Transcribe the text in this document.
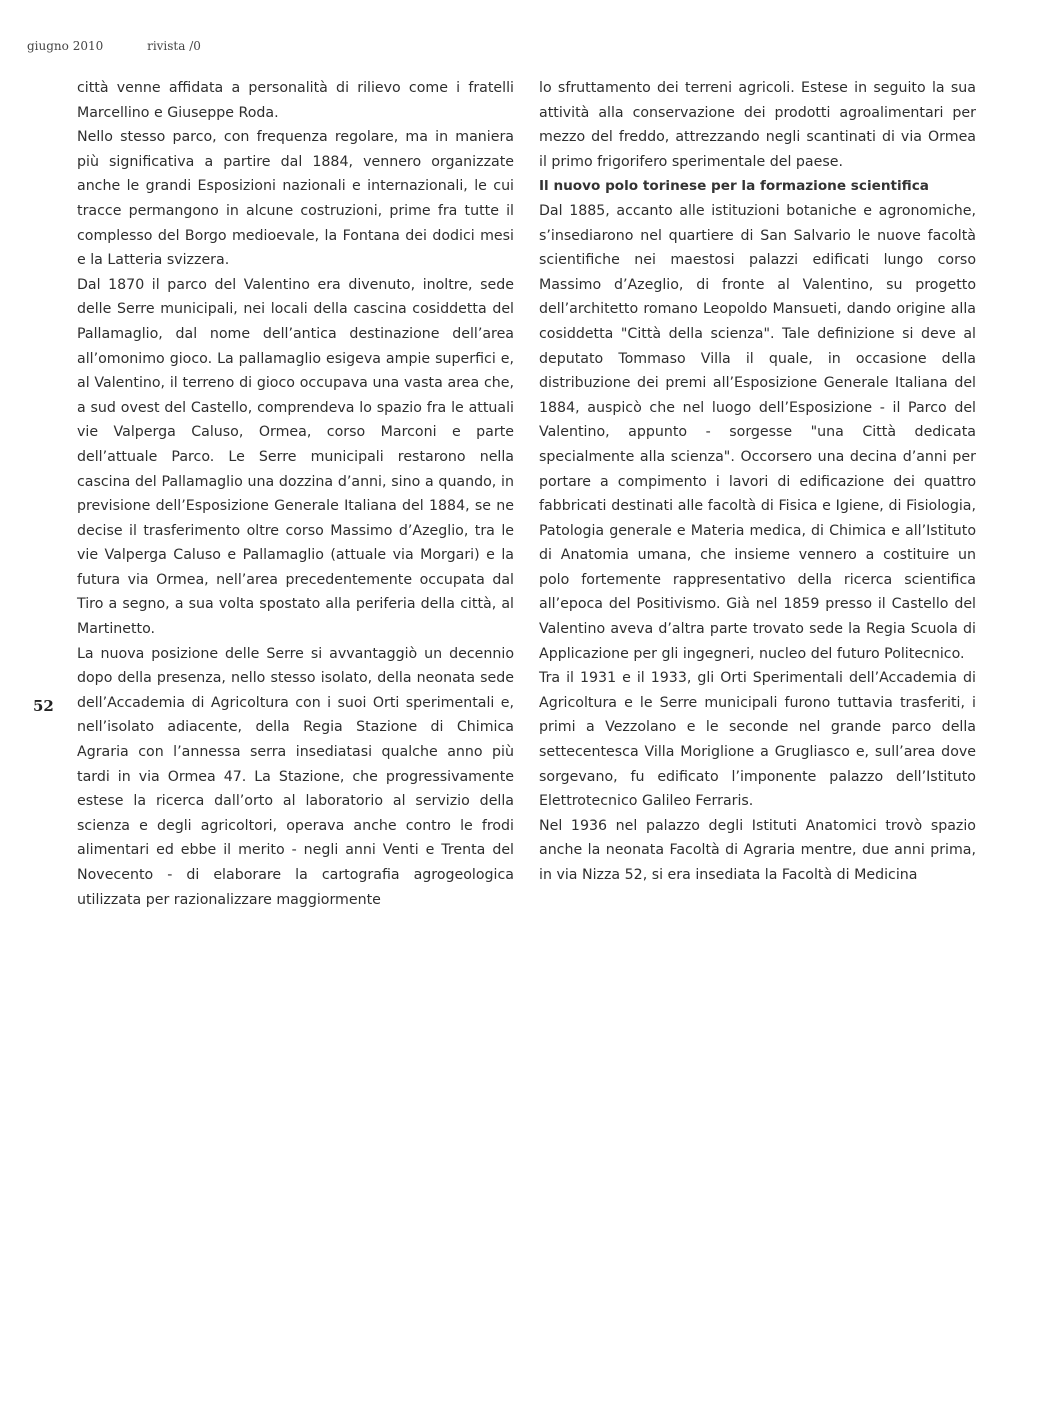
giugno 2010	rivista /0
52

città venne affidata a personalità di rilievo come i fratelli Marcellino e Giuseppe Roda.

Nello stesso parco, con frequenza regolare, ma in maniera più significativa a partire dal 1884, vennero organizzate anche le grandi Esposizioni nazionali e internazionali, le cui tracce permangono in alcune costruzioni, prime fra tutte il complesso del Borgo medioevale, la Fontana dei dodici mesi e la Latteria svizzera.

Dal 1870 il parco del Valentino era divenuto, inoltre, sede delle Serre municipali, nei locali della cascina cosiddetta del Pallamaglio, dal nome dell’antica destinazione dell’area all’omonimo gioco. La pallamaglio esigeva ampie superfici e, al Valentino, il terreno di gioco occupava una vasta area che, a sud ovest del Castello, comprendeva lo spazio fra le attuali vie Valperga Caluso, Ormea, corso Marconi e parte dell’attuale Parco. Le Serre municipali restarono nella cascina del Pallamaglio una dozzina d’anni, sino a quando, in previsione dell’Esposizione Generale Italiana del 1884, se ne decise il trasferimento oltre corso Massimo d’Azeglio, tra le vie Valperga Caluso e Pallamaglio (attuale via Morgari) e la futura via Ormea, nell’area precedentemente occupata dal Tiro a segno, a sua volta spostato alla periferia della città, al Martinetto.

La nuova posizione delle Serre si avvantaggiò un decennio dopo della presenza, nello stesso isolato, della neonata sede dell’Accademia di Agricoltura con i suoi Orti sperimentali e, nell’isolato adiacente, della Regia Stazione di Chimica Agraria con l’annessa serra insediatasi qualche anno più tardi in via Ormea 47. La Stazione, che progressivamente estese la ricerca dall’orto al laboratorio al servizio della scienza e degli agricoltori, operava anche contro le frodi alimentari ed ebbe il merito - negli anni Venti e Trenta del Novecento - di elaborare la cartografia agrogeologica utilizzata per razionalizzare maggiormente

lo sfruttamento dei terreni agricoli. Estese in seguito la sua attività alla conservazione dei prodotti agroalimentari per mezzo del freddo, attrezzando negli scantinati di via Ormea il primo frigorifero sperimentale del paese.

Il nuovo polo torinese per la formazione scientifica

Dal 1885, accanto alle istituzioni botaniche e agronomiche, s’insediarono nel quartiere di San Salvario le nuove facoltà scientifiche nei maestosi palazzi edificati lungo corso Massimo d’Azeglio, di fronte al Valentino, su progetto dell’architetto romano Leopoldo Mansueti, dando origine alla cosiddetta "Città della scienza". Tale definizione si deve al deputato Tommaso Villa il quale, in occasione della distribuzione dei premi all’Esposizione Generale Italiana del 1884, auspicò che nel luogo dell’Esposizione - il Parco del Valentino, appunto - sorgesse "una Città dedicata specialmente alla scienza". Occorsero una decina d’anni per portare a compimento i lavori di edificazione dei quattro fabbricati destinati alle facoltà di Fisica e Igiene, di Fisiologia, Patologia generale e Materia medica, di Chimica e all’Istituto di Anatomia umana, che insieme vennero a costituire un polo fortemente rappresentativo della ricerca scientifica all’epoca del Positivismo. Già nel 1859 presso il Castello del Valentino aveva d’altra parte trovato sede la Regia Scuola di Applicazione per gli ingegneri, nucleo del futuro Politecnico.

Tra il 1931 e il 1933, gli Orti Sperimentali dell’Accademia di Agricoltura e le Serre municipali furono tuttavia trasferiti, i primi a Vezzolano e le seconde nel grande parco della settecentesca Villa Moriglione a Grugliasco e, sull’area dove sorgevano, fu edificato l’imponente palazzo dell’Istituto Elettrotecnico Galileo Ferraris.

Nel 1936 nel palazzo degli Istituti Anatomici trovò spazio anche la neonata Facoltà di Agraria mentre, due anni prima, in via Nizza 52, si era insediata la Facoltà di Medicina
